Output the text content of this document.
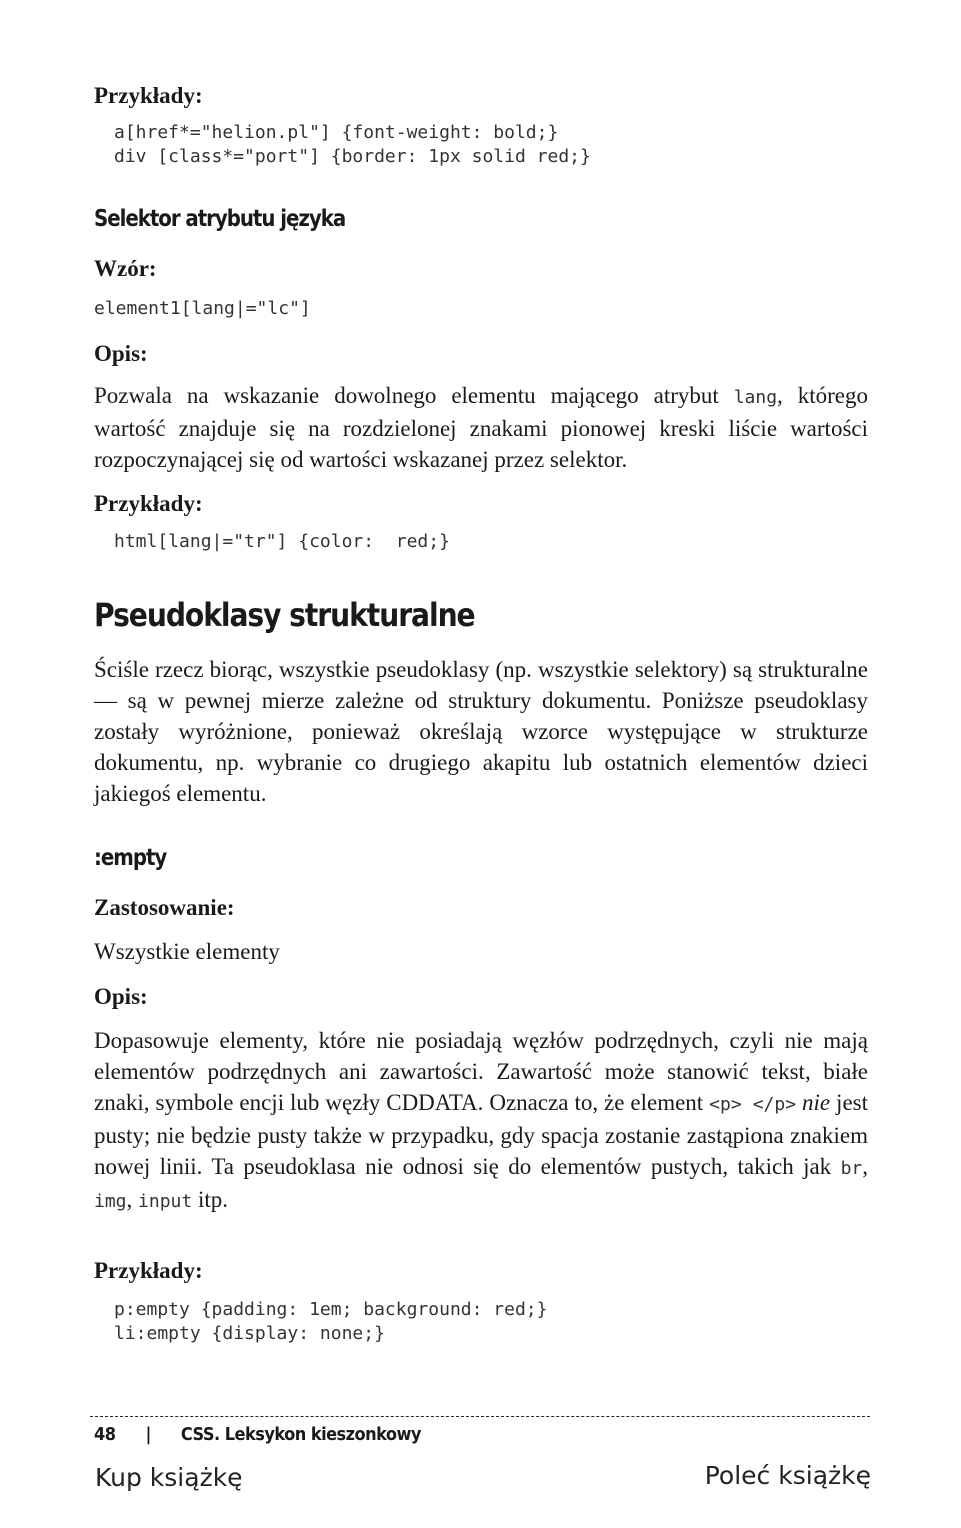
Przykłady:

a[href*="helion.pl"] {font-weight: bold;}

div [class*="port"] {border: 1px solid red;}

Selektor atrybutu języka

Wzór:

element1[lang|="lc"]

Opis:

Pozwala na wskazanie dowolnego elementu mającego atrybut lang, którego wartość znajduje się na rozdzielonej znakami pionowej kreski liście wartości rozpoczynającej się od wartości wskazanej przez selektor.

Przykłady:

html[lang|="tr"] {color:  red;}

Pseudoklasy strukturalne

Ściśle rzecz biorąc, wszystkie pseudoklasy (np. wszystkie selektory) są strukturalne — są w pewnej mierze zależne od struktury dokumentu. Poniższe pseudoklasy zostały wyróżnione, ponieważ określają wzorce występujące w strukturze dokumentu, np. wybranie co drugiego akapitu lub ostatnich elementów dzieci jakiegoś elementu.

:empty

Zastosowanie:

Wszystkie elementy

Opis:

Dopasowuje elementy, które nie posiadają węzłów podrzędnych, czyli nie mają elementów podrzędnych ani zawartości. Zawartość może stanowić tekst, białe znaki, symbole encji lub węzły CDDATA. Oznacza to, że element <p> </p> nie jest pusty; nie będzie pusty także w przypadku, gdy spacja zostanie zastąpiona znakiem nowej linii. Ta pseudoklasa nie odnosi się do elementów pustych, takich jak br, img, input itp.

Przykłady:

p:empty {padding: 1em; background: red;}

li:empty {display: none;}

48 | CSS. Leksykon kieszonkowy
Kup książkę	Poleć książkę
